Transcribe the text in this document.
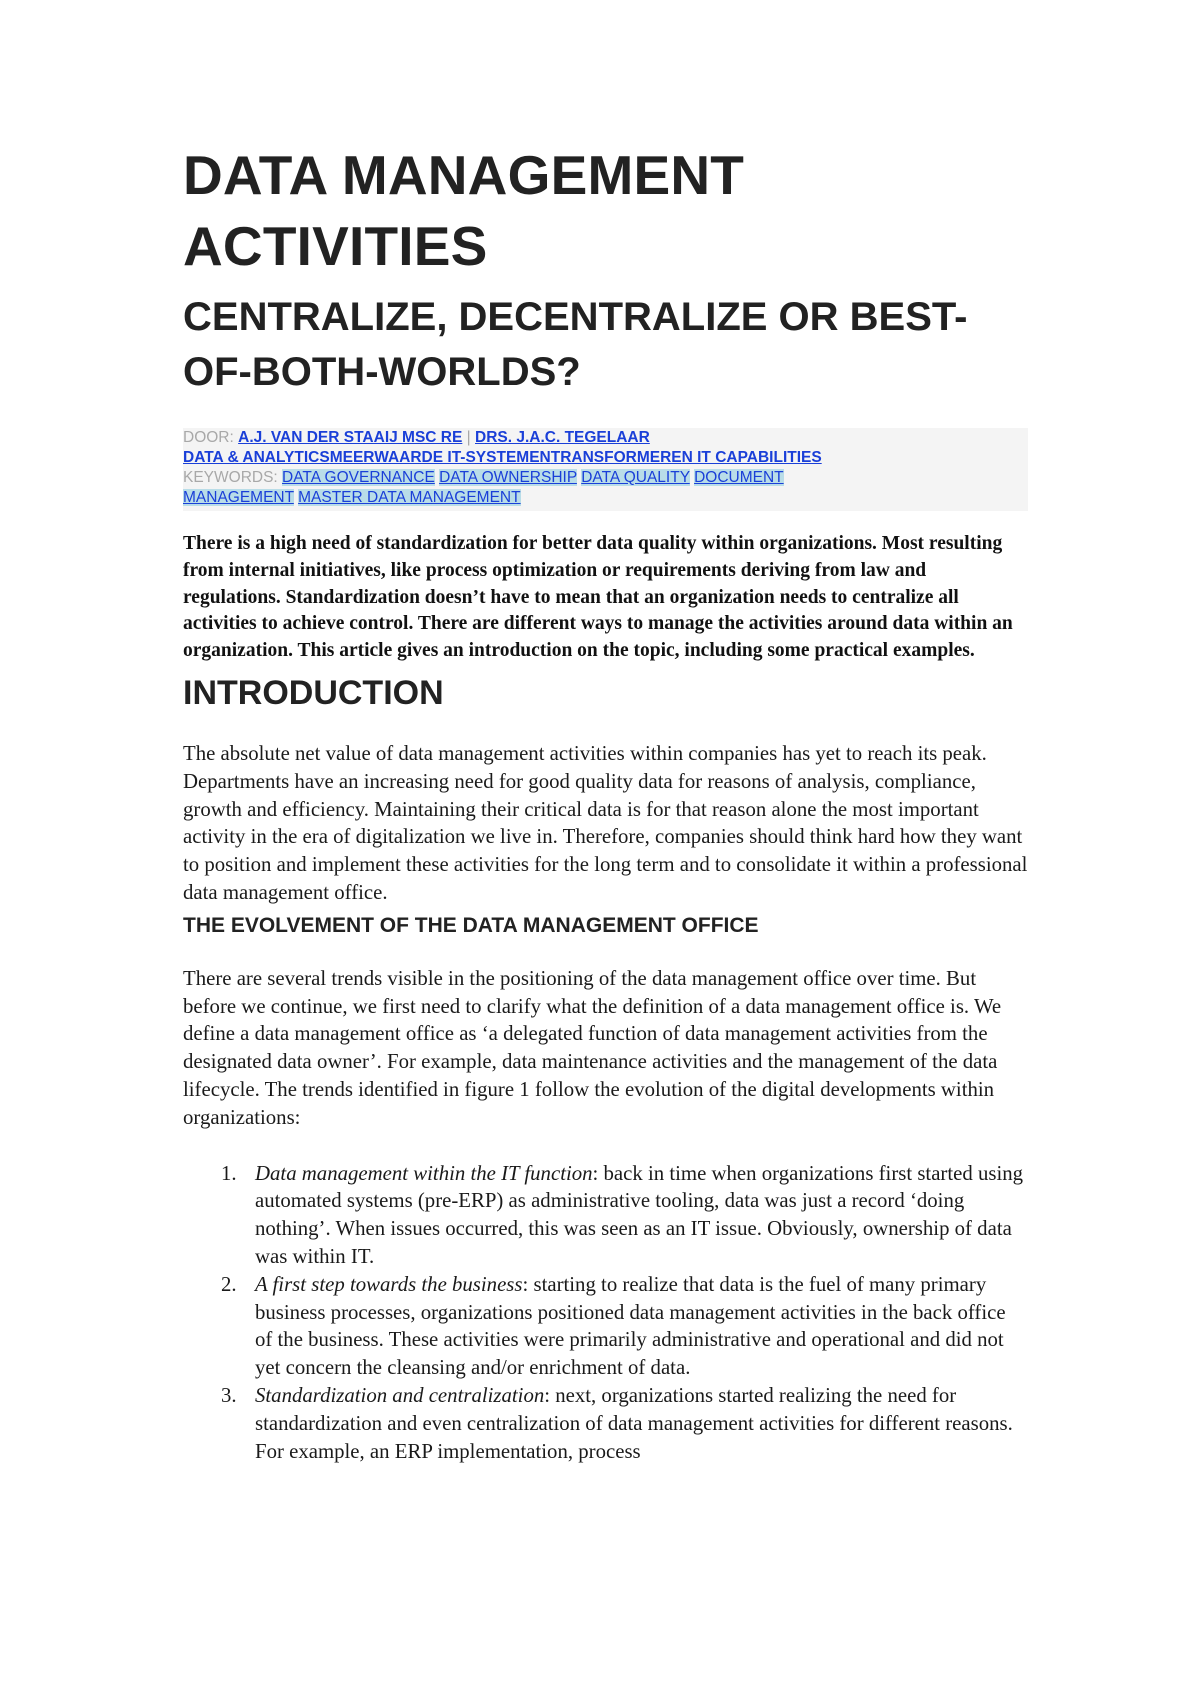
DATA MANAGEMENT ACTIVITIES
CENTRALIZE, DECENTRALIZE OR BEST-OF-BOTH-WORLDS?
DOOR: A.J. VAN DER STAAIJ MSC RE | DRS. J.A.C. TEGELAAR
DATA & ANALYTICSMEERWAARDE IT-SYSTEMENTRANSFORMEREN IT CAPABILITIES
KEYWORDS: DATA GOVERNANCE DATA OWNERSHIP DATA QUALITY DOCUMENT
MANAGEMENT MASTER DATA MANAGEMENT

There is a high need of standardization for better data quality within organizations. Most resulting from internal initiatives, like process optimization or requirements deriving from law and regulations. Standardization doesn’t have to mean that an organization needs to centralize all activities to achieve control. There are different ways to manage the activities around data within an organization. This article gives an introduction on the topic, including some practical examples.

INTRODUCTION

The absolute net value of data management activities within companies has yet to reach its peak. Departments have an increasing need for good quality data for reasons of analysis, compliance, growth and efficiency. Maintaining their critical data is for that reason alone the most important activity in the era of digitalization we live in. Therefore, companies should think hard how they want to position and implement these activities for the long term and to consolidate it within a professional data management office.

THE EVOLVEMENT OF THE DATA MANAGEMENT OFFICE

There are several trends visible in the positioning of the data management office over time. But before we continue, we first need to clarify what the definition of a data management office is. We define a data management office as ‘a delegated function of data management activities from the designated data owner’. For example, data maintenance activities and the management of the data lifecycle. The trends identified in figure 1 follow the evolution of the digital developments within organizations:

1. Data management within the IT function: back in time when organizations first started using automated systems (pre-ERP) as administrative tooling, data was just a record ‘doing nothing’. When issues occurred, this was seen as an IT issue. Obviously, ownership of data was within IT.
2. A first step towards the business: starting to realize that data is the fuel of many primary business processes, organizations positioned data management activities in the back office of the business. These activities were primarily administrative and operational and did not yet concern the cleansing and/or enrichment of data.
3. Standardization and centralization: next, organizations started realizing the need for standardization and even centralization of data management activities for different reasons. For example, an ERP implementation, process
